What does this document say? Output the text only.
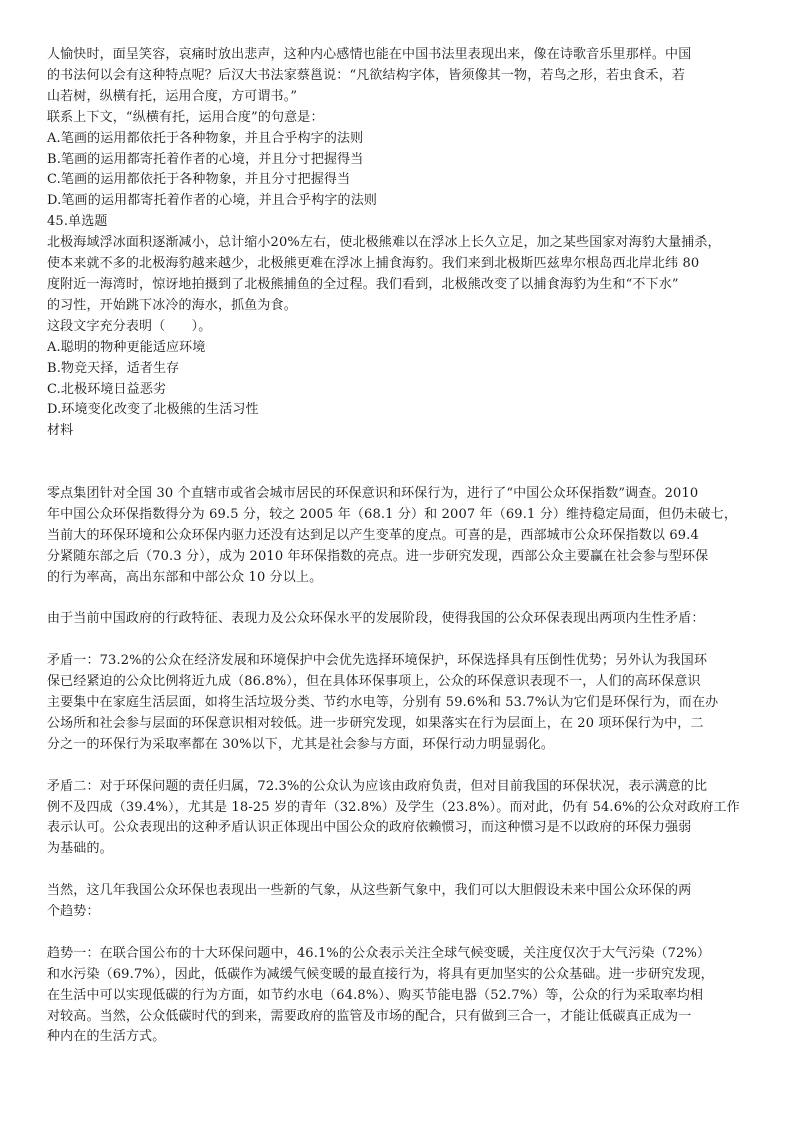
人愉快时，面呈笑容，哀痛时放出悲声，这种内心感情也能在中国书法里表现出来，像在诗歌音乐里那样。中国
的书法何以会有这种特点呢？后汉大书法家蔡邕说：“凡欲结构字体，皆须像其一物，若鸟之形，若虫食禾，若
山若树，纵横有托，运用合度，方可谓书。”
联系上下文，“纵横有托，运用合度”的句意是：
A.笔画的运用都依托于各种物象，并且合乎构字的法则
B.笔画的运用都寄托着作者的心境，并且分寸把握得当
C.笔画的运用都依托于各种物象，并且分寸把握得当
D.笔画的运用都寄托着作者的心境，并且合乎构字的法则
45.单选题
北极海域浮冰面积逐渐减小，总计缩小20%左右，使北极熊难以在浮冰上长久立足，加之某些国家对海豹大量捕杀，
使本来就不多的北极海豹越来越少，北极熊更难在浮冰上捕食海豹。我们来到北极斯匹兹卑尔根岛西北岸北纬 80
度附近一海湾时，惊讶地拍摄到了北极熊捕鱼的全过程。我们看到，北极熊改变了以捕食海豹为生和“不下水”
的习性，开始跳下冰冷的海水，抓鱼为食。
这段文字充分表明（　　）。
A.聪明的物种更能适应环境
B.物竞天择，适者生存
C.北极环境日益恶劣
D.环境变化改变了北极熊的生活习性
材料
零点集团针对全国 30 个直辖市或省会城市居民的环保意识和环保行为，进行了“中国公众环保指数”调查。2010
年中国公众环保指数得分为 69.5 分，较之 2005 年（68.1 分）和 2007 年（69.1 分）维持稳定局面，但仍未破七，
当前大的环保环境和公众环保内驱力还没有达到足以产生变革的度点。可喜的是，西部城市公众环保指数以 69.4
分紧随东部之后（70.3 分），成为 2010 年环保指数的亮点。进一步研究发现，西部公众主要赢在社会参与型环保
的行为率高，高出东部和中部公众 10 分以上。
由于当前中国政府的行政特征、表现力及公众环保水平的发展阶段，使得我国的公众环保表现出两项内生性矛盾：
矛盾一：73.2%的公众在经济发展和环境保护中会优先选择环境保护，环保选择具有压倒性优势；另外认为我国环
保已经紧迫的公众比例将近九成（86.8%），但在具体环保事项上，公众的环保意识表现不一，人们的高环保意识
主要集中在家庭生活层面，如将生活垃圾分类、节约水电等，分别有 59.6%和 53.7%认为它们是环保行为，而在办
公场所和社会参与层面的环保意识相对较低。进一步研究发现，如果落实在行为层面上，在 20 项环保行为中，二
分之一的环保行为采取率都在 30%以下，尤其是社会参与方面，环保行动力明显弱化。
矛盾二：对于环保问题的责任归属，72.3%的公众认为应该由政府负责，但对目前我国的环保状况，表示满意的比
例不及四成（39.4%），尤其是 18-25 岁的青年（32.8%）及学生（23.8%）。而对此，仍有 54.6%的公众对政府工作
表示认可。公众表现出的这种矛盾认识正体现出中国公众的政府依赖惯习，而这种惯习是不以政府的环保力强弱
为基础的。
当然，这几年我国公众环保也表现出一些新的气象，从这些新气象中，我们可以大胆假设未来中国公众环保的两
个趋势：
趋势一：在联合国公布的十大环保问题中，46.1%的公众表示关注全球气候变暖，关注度仅次于大气污染（72%）
和水污染（69.7%），因此，低碳作为减缓气候变暖的最直接行为，将具有更加坚实的公众基础。进一步研究发现，
在生活中可以实现低碳的行为方面，如节约水电（64.8%）、购买节能电器（52.7%）等，公众的行为采取率均相
对较高。当然，公众低碳时代的到来，需要政府的监管及市场的配合，只有做到三合一，才能让低碳真正成为一
种内在的生活方式。
